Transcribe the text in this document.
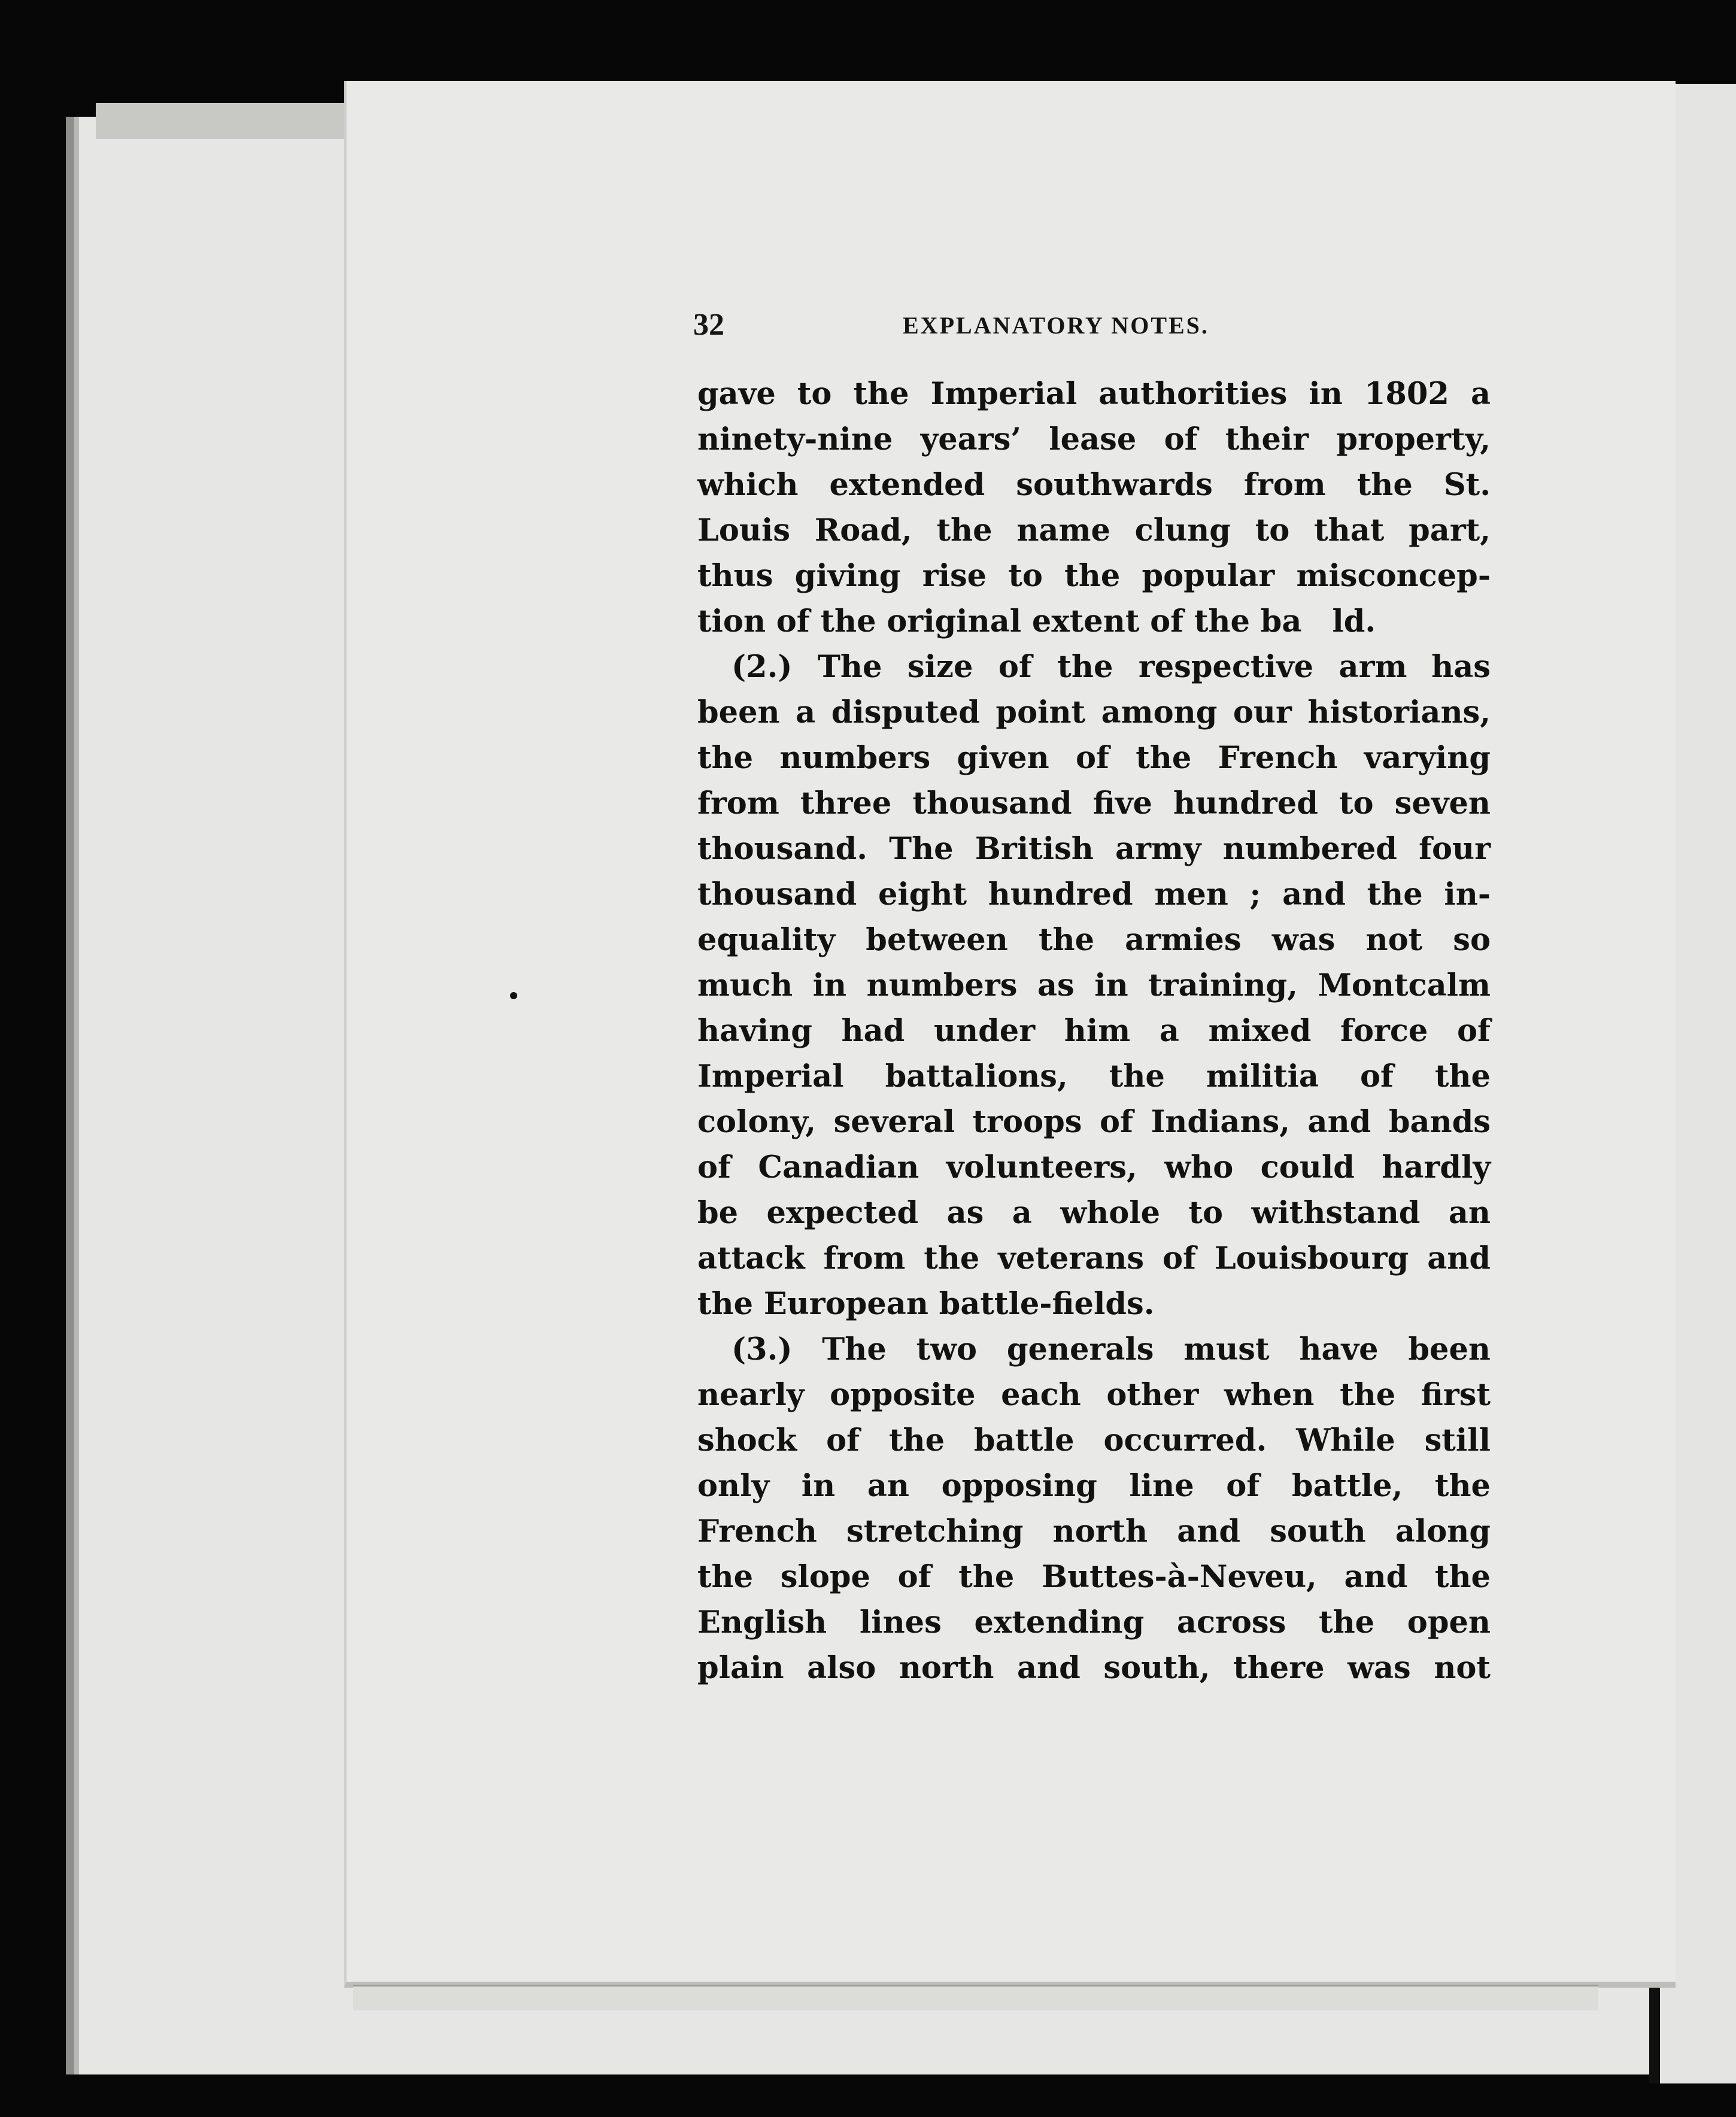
32	EXPLANATORY NOTES.
gave to the Imperial authorities in 1802 a
ninety-nine years’ lease of their property,
which extended southwards from the St.
Louis Road, the name clung to that part,
thus giving rise to the popular misconcep-
tion of the original extent of the ba     ld.
(2.) The size of the respective arm    has
been a disputed point among our historians,
the numbers given of the French varying
from three thousand five hundred to seven
thousand. The British army numbered four
thousand eight hundred men ; and the in-
equality between the armies was not so
much in numbers as in training, Montcalm
having had under him a mixed force of
Imperial battalions, the militia of the
colony, several troops of Indians, and bands
of Canadian volunteers, who could hardly
be expected as a whole to withstand an
attack from the veterans of Louisbourg and
the European battle-fields.
(3.) The two generals must have been
nearly opposite each other when the first
shock of the battle occurred. While still
only in an opposing line of battle, the
French stretching north and south along
the slope of the Buttes-à-Neveu, and the
English lines extending across the open
plain also north and south, there was not
